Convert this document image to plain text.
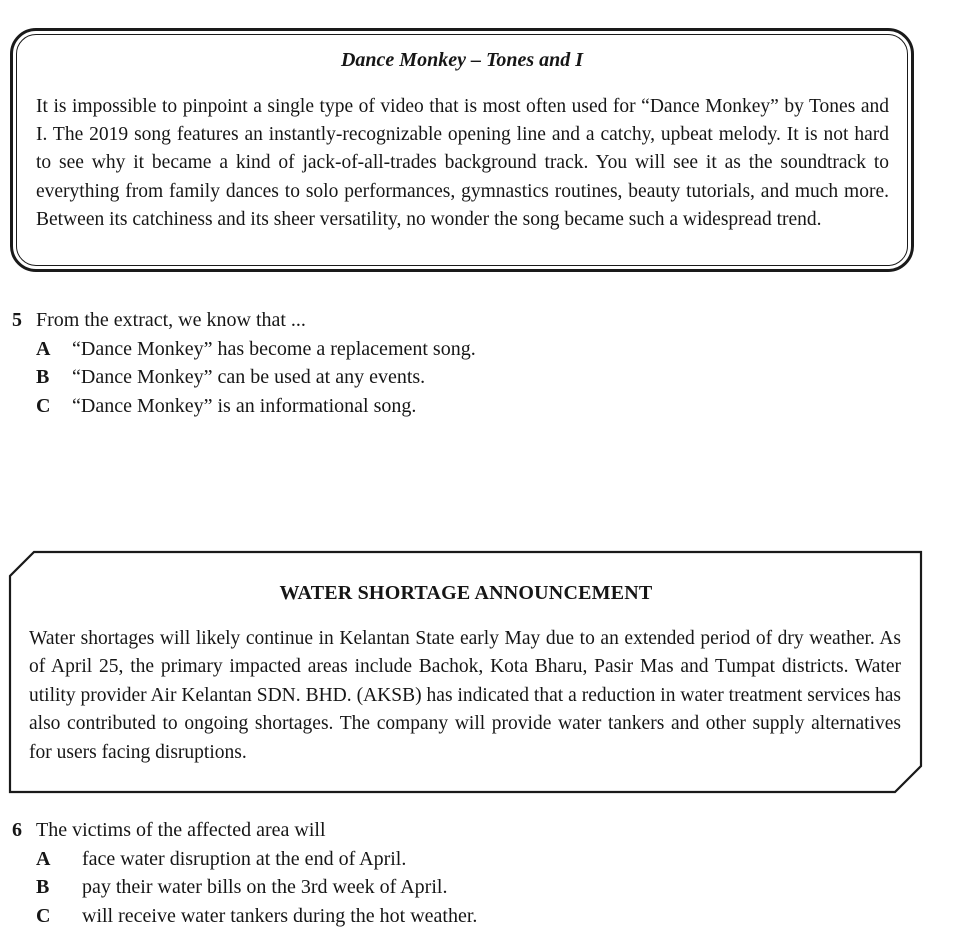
Dance Monkey – Tones and I

It is impossible to pinpoint a single type of video that is most often used for “Dance Monkey” by Tones and I. The 2019 song features an instantly-recognizable opening line and a catchy, upbeat melody. It is not hard to see why it became a kind of jack-of-all-trades background track. You will see it as the soundtrack to everything from family dances to solo performances, gymnastics routines, beauty tutorials, and much more. Between its catchiness and its sheer versatility, no wonder the song became such a widespread trend.

5 From the extract, we know that ...
A	“Dance Monkey” has become a replacement song.
B	“Dance Monkey” can be used at any events.
C	“Dance Monkey” is an informational song.

WATER SHORTAGE ANNOUNCEMENT

Water shortages will likely continue in Kelantan State early May due to an extended period of dry weather. As of April 25, the primary impacted areas include Bachok, Kota Bharu, Pasir Mas and Tumpat districts. Water utility provider Air Kelantan SDN. BHD. (AKSB) has indicated that a reduction in water treatment services has also contributed to ongoing shortages. The company will provide water tankers and other supply alternatives for users facing disruptions.

6 The victims of the affected area will
A	face water disruption at the end of April.
B	pay their water bills on the 3rd week of April.
C	will receive water tankers during the hot weather.
